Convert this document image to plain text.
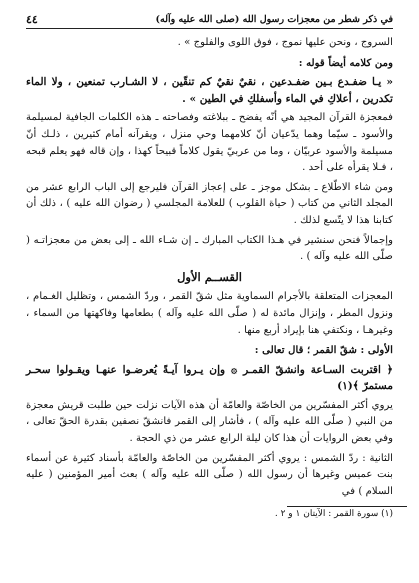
في ذكر شطر من معجزات رسول الله (صلى الله عليه وآله)
٤٤

السروج ، ونحن عليها نموج ، فوق اللوى والفلوج » .

ومن كلامه أيضاً قوله :

« يـا ضفـدع بـين ضفـدعين ، نقيٌ نقيٌ كم تنقّين ، لا الشـارب تمنعين ، ولا الماء تكدرين ، أعلاكِ في الماء وأسفلكِ في الطين » .

فمعجزة القرآن المجيد هي أنّه يفضح ـ ببلاغته وفصاحته ـ هذه الكلمات الجافية لمسيلمة والأسود ـ سيّما وهما يدّعيان أنّ كلامهما وحي منزل ، ويقرآنه أمام كثيرين ، ذلـك أنّ مسيلمة والأسود عربيّان ، وما من عربيّ يقول كلاماً قبيحاً كهذا ، وإن قاله فهو يعلم قبحه ، فـلا يقرأه على أحد .

ومن شاء الاطّلاع ـ بشكل موجز ـ على إعجاز القرآن فليرجع إلى الباب الرابع عشر من المجلد الثاني من كتاب ( حياة القلوب ) للعلامة المجلسي ( رضوان الله عليه ) ، ذلك أن كتابنا هذا لا يتّسع لذلك .

وإجمالاً فنحن سنشير في هـذا الكتاب المبارك ـ إن شـاء الله ـ إلى بعض من معجزاتـه ( صلّى الله عليه وآله ) .

القســم الأول

المعجزات المتعلقة بالأجرام السماوية مثل شقّ القمر ، وردّ الشمس ، وتظليل الغـمام ، ونزول المطر ، وإنزال مائدة له ( صلّى الله عليه وآله ) بطعامها وفاكهتها من السماء ، وغيرهـا ، ونكتفي هنا بإيراد أربع منها .

الأولى : شقّ القمر ؛ قال تعالى :

﴿ اقتربت السـاعة وانشقّ القمـر ۞ وإن يـروا آيـةً يُعرضـوا عنهـا ويقـولوا سحـر مستمرّ ﴾(١)

يروي أكثر المفسّرين من الخاصّة والعامّة أن هذه الآيات نزلت حين طلبت قريش معجزة من النبي ( صلّى الله عليه وآله ) ، فأشار إلى القمر فانشقّ نصفين بقدرة الحقّ تعالى ، وفي بعض الروايات أن هذا كان ليلة الرابع عشر من ذي الحجة .

الثانية : ردّ الشمس : يروي أكثر المفسّرين من الخاصّة والعامّة بأسناد كثيرة عن أسماء بنت عميس وغيرها أن رسول الله ( صلّى الله عليه وآله ) بعث أمير المؤمنين ( عليه السلام ) في

(١) سورة القمر : الآيتان ١ و ٢ .
